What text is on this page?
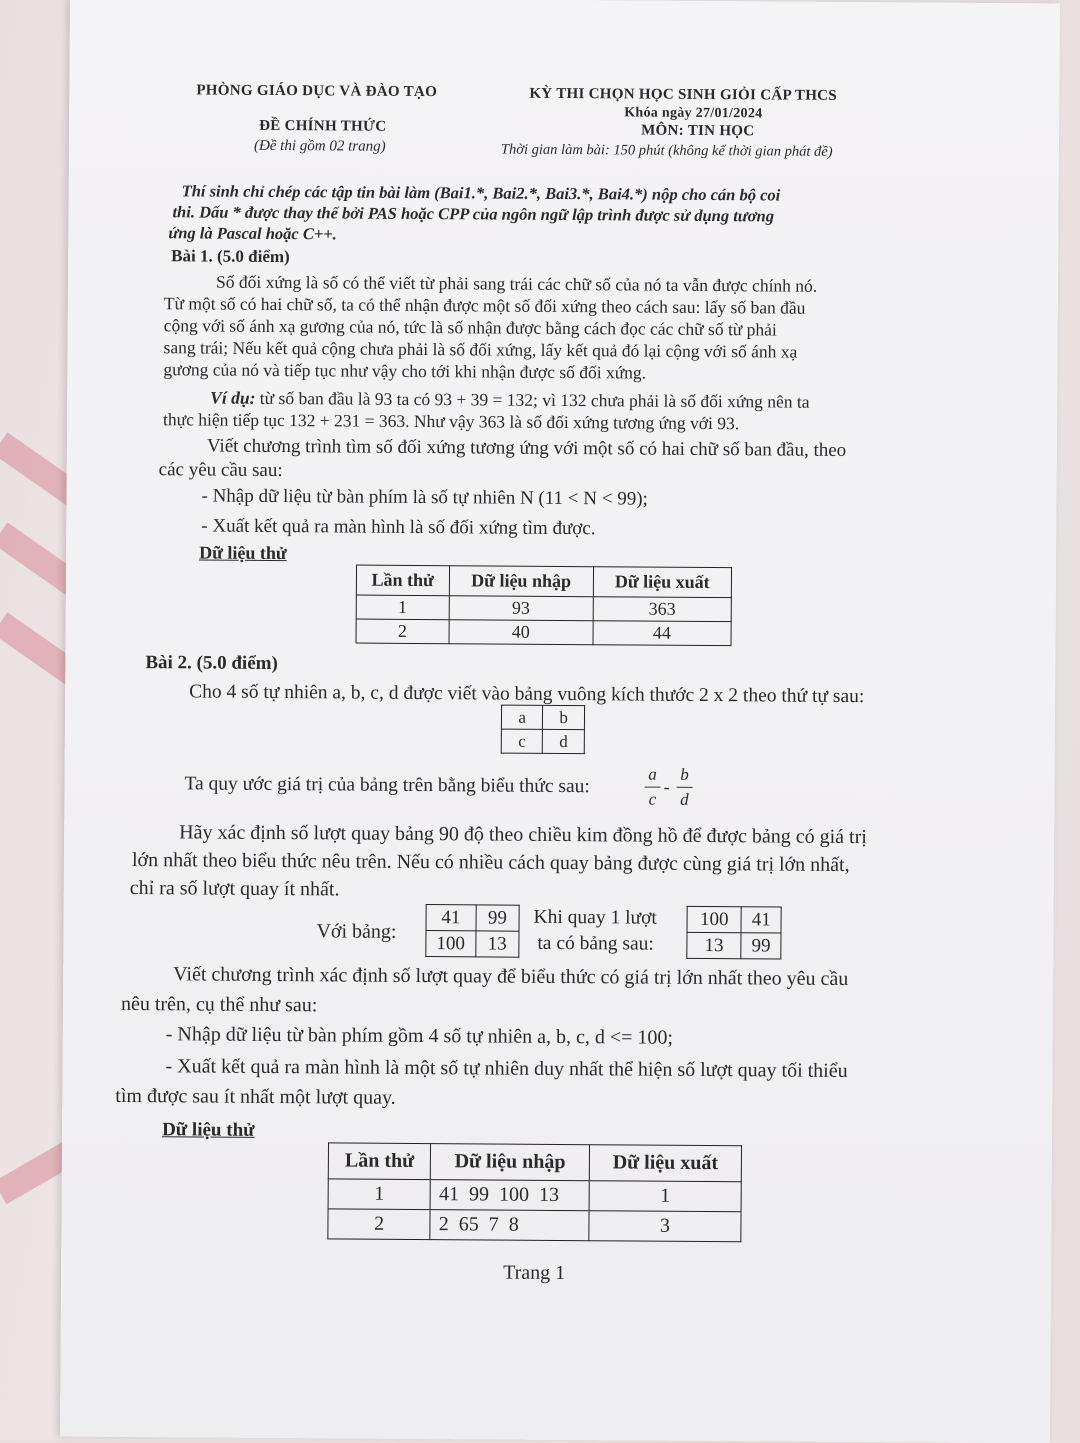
PHÒNG GIÁO DỤC VÀ ĐÀO TẠO
ĐỀ CHÍNH THỨC
(Đề thi gồm 02 trang)
KỲ THI CHỌN HỌC SINH GIỎI CẤP THCS
Khóa ngày 27/01/2024
MÔN: TIN HỌC
Thời gian làm bài: 150 phút (không kể thời gian phát đề)
Thí sinh chỉ chép các tập tin bài làm (Bai1.*, Bai2.*, Bai3.*, Bai4.*) nộp cho cán bộ coi
thi. Dấu * được thay thế bởi PAS hoặc CPP của ngôn ngữ lập trình được sử dụng tương
ứng là Pascal hoặc C++.
Bài 1. (5.0 điểm)
Số đối xứng là số có thể viết từ phải sang trái các chữ số của nó ta vẫn được chính nó.
Từ một số có hai chữ số, ta có thể nhận được một số đối xứng theo cách sau: lấy số ban đầu
cộng với số ánh xạ gương của nó, tức là số nhận được bằng cách đọc các chữ số từ phải
sang trái; Nếu kết quả cộng chưa phải là số đối xứng, lấy kết quả đó lại cộng với số ánh xạ
gương của nó và tiếp tục như vậy cho tới khi nhận được số đối xứng.
Ví dụ: từ số ban đầu là 93 ta có 93 + 39 = 132; vì 132 chưa phải là số đối xứng nên ta
thực hiện tiếp tục 132 + 231 = 363. Như vậy 363 là số đối xứng tương ứng với 93.
Viết chương trình tìm số đối xứng tương ứng với một số có hai chữ số ban đầu, theo
các yêu cầu sau:
- Nhập dữ liệu từ bàn phím là số tự nhiên N (11 < N < 99);
- Xuất kết quả ra màn hình là số đối xứng tìm được.
Dữ liệu thử
Lần thử	Dữ liệu nhập	Dữ liệu xuất
1	93	363
2	40	44
Bài 2. (5.0 điểm)
Cho 4 số tự nhiên a, b, c, d được viết vào bảng vuông kích thước 2 x 2 theo thứ tự sau:
a	b
c	d
Ta quy ước giá trị của bảng trên bằng biểu thức sau:	a
c
-
b
d
Hãy xác định số lượt quay bảng 90 độ theo chiều kim đồng hồ để được bảng có giá trị
lớn nhất theo biểu thức nêu trên. Nếu có nhiều cách quay bảng được cùng giá trị lớn nhất,
chỉ ra số lượt quay ít nhất.
Với bảng:
41	99
100	13
Khi quay 1 lượt
ta có bảng sau:
100	41
13	99
Viết chương trình xác định số lượt quay để biểu thức có giá trị lớn nhất theo yêu cầu
nêu trên, cụ thể như sau:
- Nhập dữ liệu từ bàn phím gồm 4 số tự nhiên a, b, c, d <= 100;
- Xuất kết quả ra màn hình là một số tự nhiên duy nhất thể hiện số lượt quay tối thiểu
tìm được sau ít nhất một lượt quay.
Dữ liệu thử
Lần thử	Dữ liệu nhập	Dữ liệu xuất
1	41  99  100  13	1
2	2  65  7  8	3
Trang 1
